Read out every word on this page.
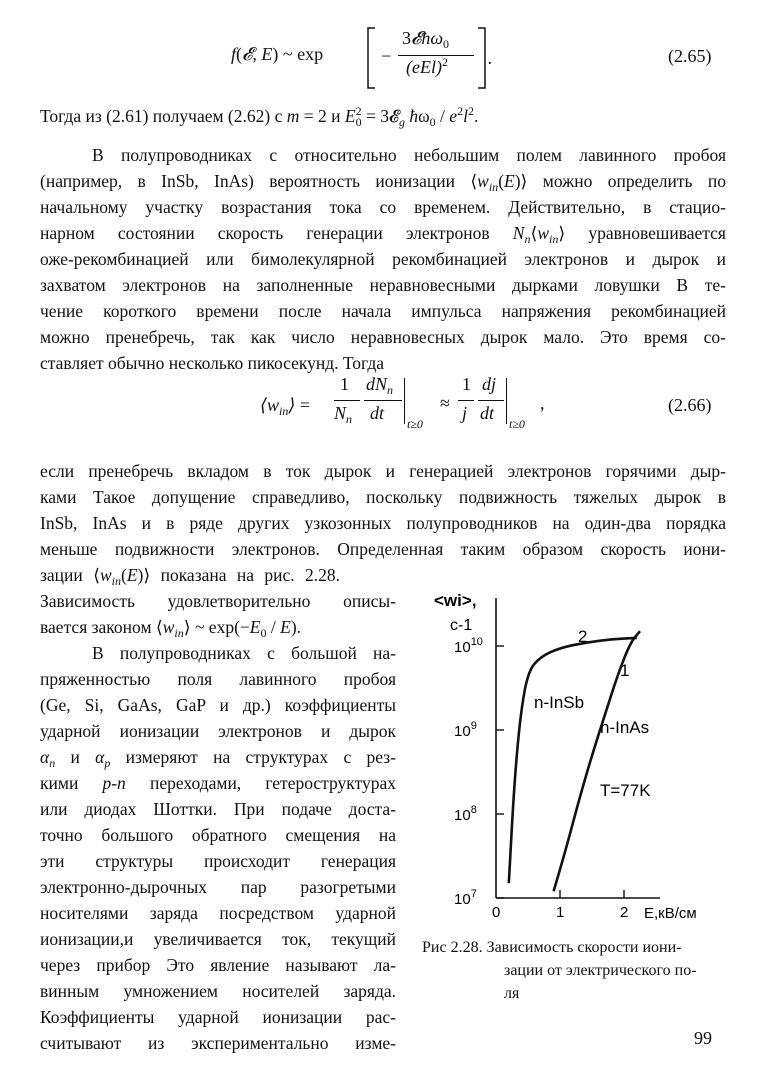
f(𝓔, E) ~ exp	−
3𝓔ħω$_0$
(eEl)$^2$ .	(2.65)
Тогда из (2.61) получаем (2.62) с m = 2 и $E_0^2$ = 3𝓔$_g$ $ħ\omega_0 / e^2l^2$.
В полупроводниках с относительно небольшим полем лавинного пробоя
(например, в InSb, InAs) вероятность ионизации $⟨w_{in}(E)⟩$ можно определить по
начальному участку возрастания тока со временем. Действительно, в стацио-
нарном состоянии скорость генерации электронов $N_n⟨w_{in}⟩$ уравновешивается
оже-рекомбинацией или бимолекулярной рекомбинацией электронов и дырок и
захватом электронов на заполненные неравновесными дырками ловушки В те-
чение короткого времени после начала импульса напряжения рекомбинацией
можно пренебречь, так как число неравновесных дырок мало. Это время со-
ставляет обычно несколько пикосекунд. Тогда
$⟨w_{in}⟩$ =
1
$N_n$
$dN_n$
dt
t≥0
≈
1
j
dj
dt
t≥0
,	(2.66)
если пренебречь вкладом в ток дырок и генерацией электронов горячими дыр-
ками Такое допущение справедливо, поскольку подвижность тяжелых дырок в
InSb, InAs и в ряде других узкозонных полупроводников на один-два порядка
меньше подвижности электронов. Определенная таким образом скорость иони-
зации $⟨w_{in}(E)⟩$ показана на рис. 2.28.
Зависимость удовлетворительно описы-
вается законом $⟨w_{in}⟩$ ~ $\exp(-E_0 / E)$.
В полупроводниках с большой на-
пряженностью поля лавинного пробоя
(Ge, Si, GaAs, GaP и др.) коэффициенты
ударной ионизации электронов и дырок
$\alpha_n$ и $\alpha_p$ измеряют на структурах с рез-
кими p-n переходами, гетероструктурах
или диодах Шоттки. При подаче доста-
точно большого обратного смещения на
эти структуры происходит генерация
электронно-дырочных пар разогретыми
носителями заряда посредством ударной
ионизации,и увеличивается ток, текущий
через прибор Это явление называют ла-
винным умножением носителей заряда.
Коэффициенты ударной ионизации рас-
считывают из экспериментально изме-
<wi>,
с-1
$10^7$
$10^8$
$10^9$
$10^{10}$
0	1	2 Е,кВ/см
2
1
n-InSb
n-InAs
T=77K
Рис 2.28. Зависимость скорости иони-
зации от электрического по-
ля
99
